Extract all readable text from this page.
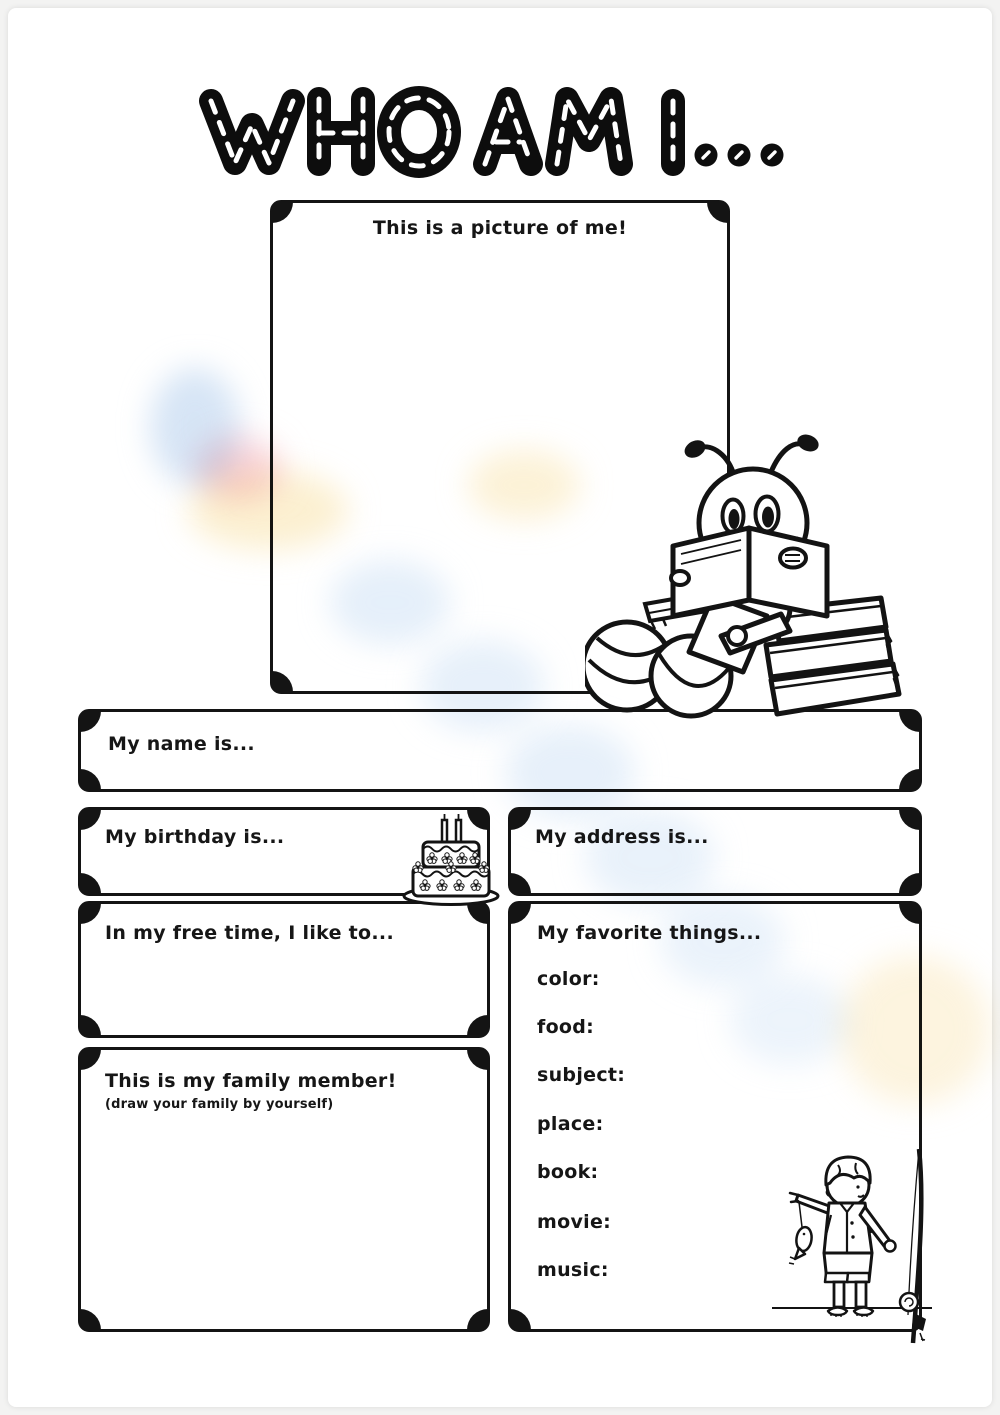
This is a picture of me!
My name is...
My birthday is...	My address is...
In my free time, I like to...	My favorite things...
color:
food:
subject:
place:
book:
movie:
music:
This is my family member!
(draw your family by yourself)
